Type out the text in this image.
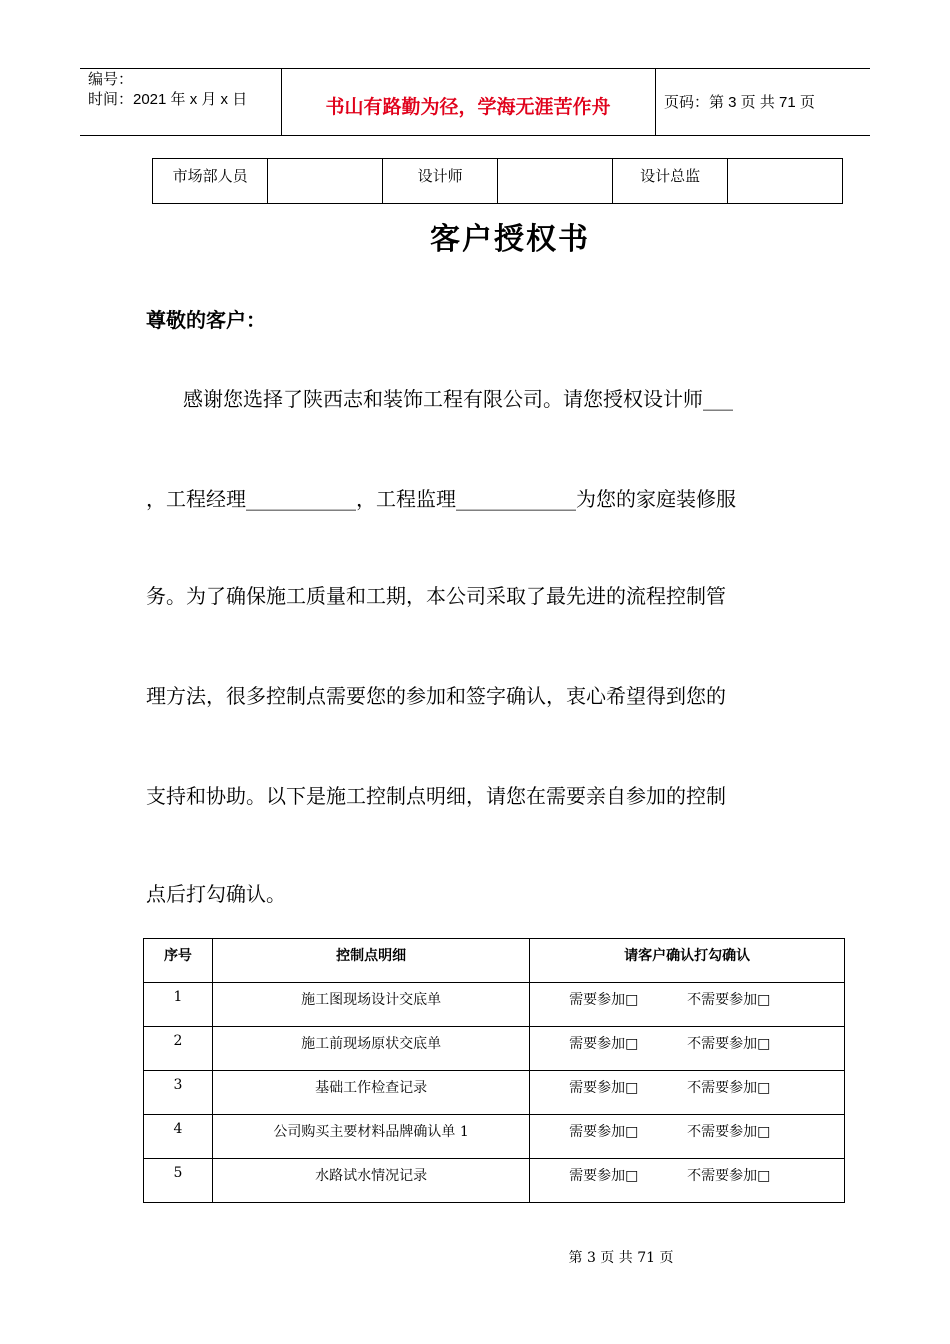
编号：
时间：2021 年 x 月 x 日	书山有路勤为径，学海无涯苦作舟	页码：第 3 页 共 71 页
市场部人员		设计师		设计总监	
客户授权书
尊敬的客户：
感谢您选择了陕西志和装饰工程有限公司。请您授权设计师___
，工程经理___________，工程监理____________为您的家庭装修服
务。为了确保施工质量和工期，本公司采取了最先进的流程控制管
理方法，很多控制点需要您的参加和签字确认，衷心希望得到您的
支持和协助。以下是施工控制点明细，请您在需要亲自参加的控制
点后打勾确认。
序号	控制点明细	请客户确认打勾确认
1	施工图现场设计交底单	需要参加□ 不需要参加□
2	施工前现场原状交底单	需要参加□ 不需要参加□
3	基础工作检查记录	需要参加□ 不需要参加□
4	公司购买主要材料品牌确认单 1	需要参加□ 不需要参加□
5	水路试水情况记录	需要参加□ 不需要参加□
第 3 页 共 71 页
